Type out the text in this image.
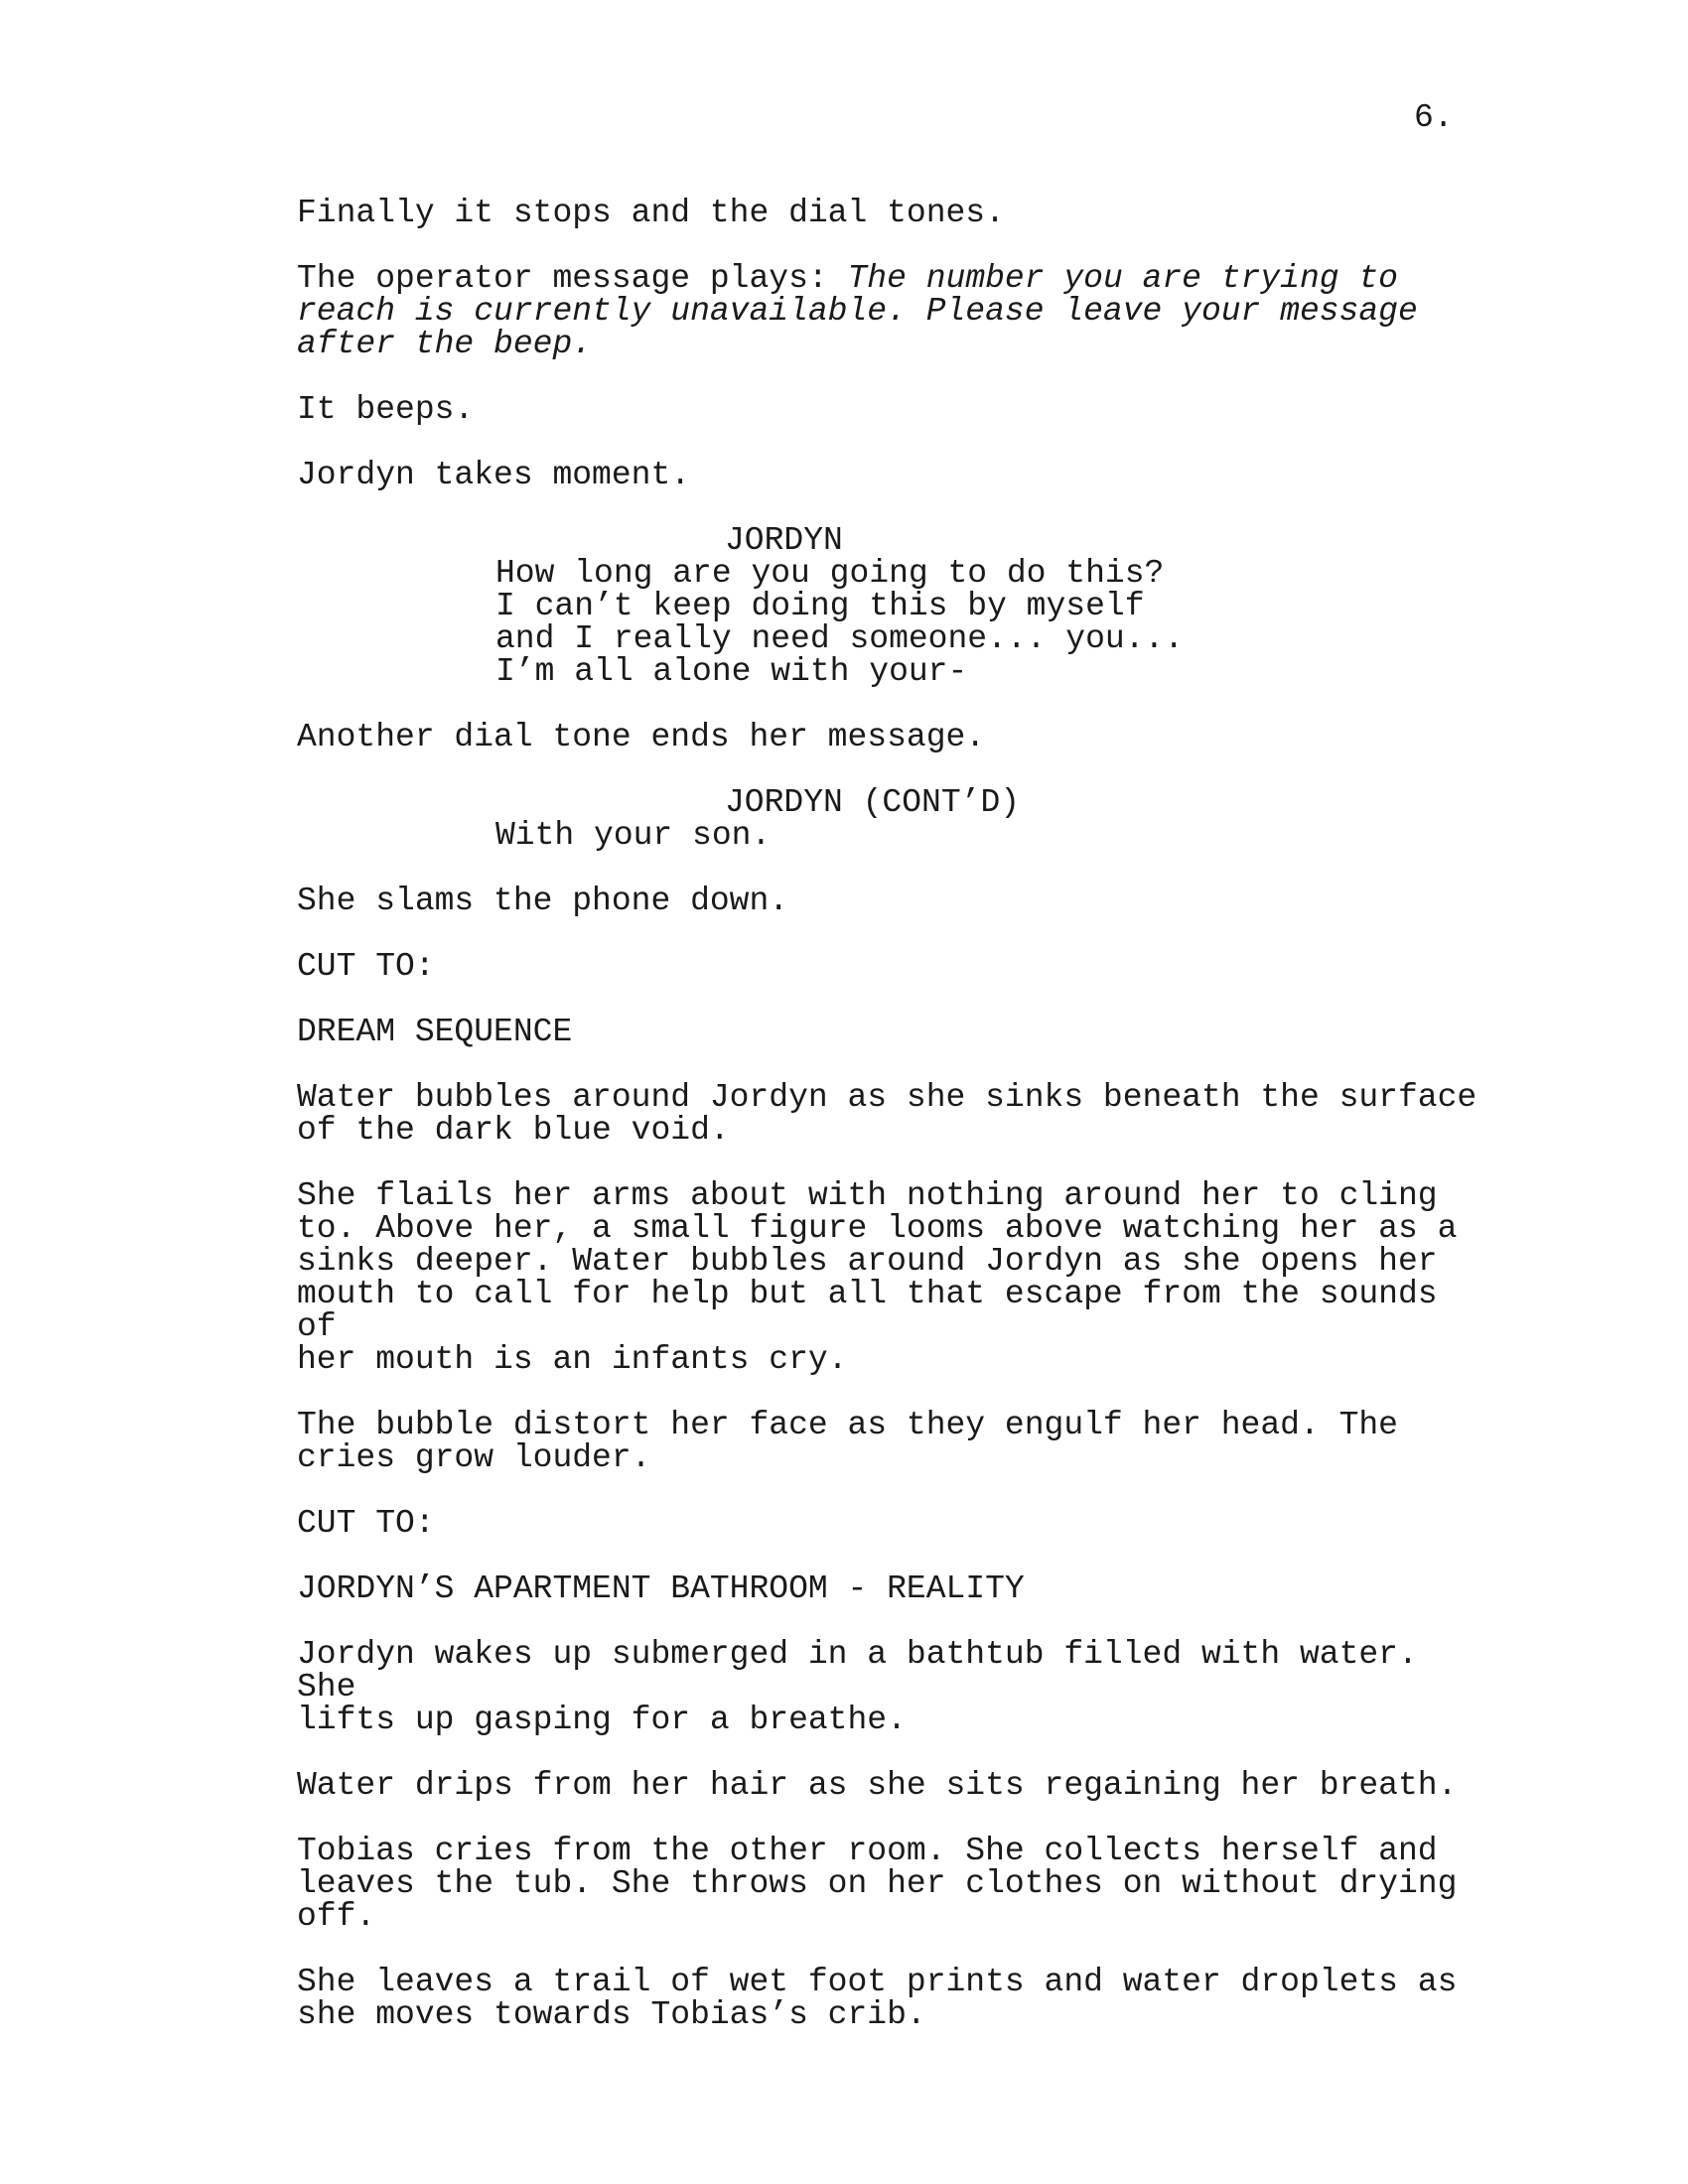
6.
Finally it stops and the dial tones.
The operator message plays: The number you are trying to
reach is currently unavailable. Please leave your message
after the beep.
It beeps.
Jordyn takes moment.
JORDYN
How long are you going to do this?
I can’t keep doing this by myself
and I really need someone... you...
I’m all alone with your-
Another dial tone ends her message.
JORDYN (CONT’D)
With your son.
She slams the phone down.
CUT TO:
DREAM SEQUENCE
Water bubbles around Jordyn as she sinks beneath the surface
of the dark blue void.
She flails her arms about with nothing around her to cling
to. Above her, a small figure looms above watching her as a
sinks deeper. Water bubbles around Jordyn as she opens her
mouth to call for help but all that escape from the sounds of
her mouth is an infants cry.
The bubble distort her face as they engulf her head. The
cries grow louder.
CUT TO:
JORDYN’S APARTMENT BATHROOM - REALITY
Jordyn wakes up submerged in a bathtub filled with water. She
lifts up gasping for a breathe.
Water drips from her hair as she sits regaining her breath.
Tobias cries from the other room. She collects herself and
leaves the tub. She throws on her clothes on without drying
off.
She leaves a trail of wet foot prints and water droplets as
she moves towards Tobias’s crib.
